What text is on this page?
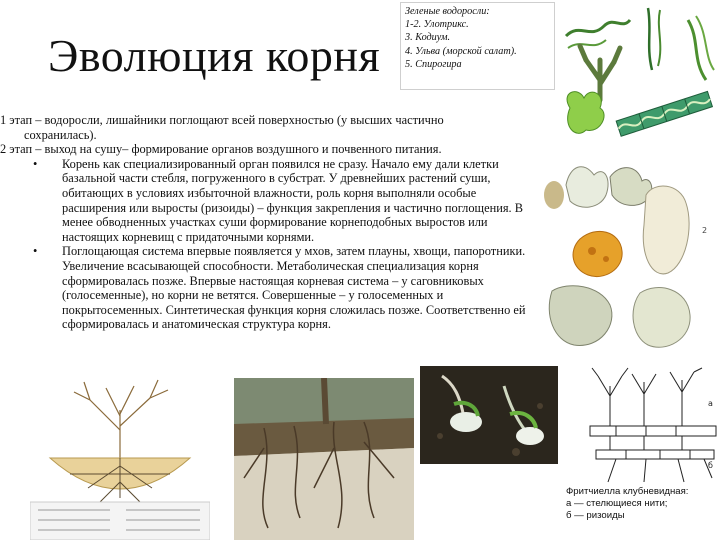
Эволюция корня
Зеленые водоросли:
1-2. Улотрикс.
3. Кодиум.
4. Ульва (морской салат).
5. Спирогира

1 этап – водоросли, лишайники поглощают всей поверхностью (у высших частично

сохранилась).

2 этап – выход на сушу– формирование органов воздушного и почвенного питания.

• Корень как специализированный орган появился не сразу. Начало ему дали клетки базальной части стебля, погруженного в субстрат. У древнейших растений суши, обитающих в условиях избыточной влажности, роль корня выполняли особые расширения или выросты (ризоиды) – функция закрепления и частично поглощения. В менее обводненных участках суши формирование корнеподобных выростов или настоящих корневищ с придаточными корнями.
• Поглощающая система впервые появляется у мхов, затем плауны, хвощи, папоротники. Увеличение всасывающей способности. Метаболическая специализация корня сформировалась позже. Впервые настоящая корневая система – у саговниковых (голосеменные), но корни не ветятся. Совершенные – у голосеменных и покрытосеменных. Синтетическая функция корня сложилась позже. Соответственно ей сформировалась и анатомическая структура корня.
2
a
б
Фритчиелла клубневидная:
а — стелющиеся нити;
б — ризоиды
